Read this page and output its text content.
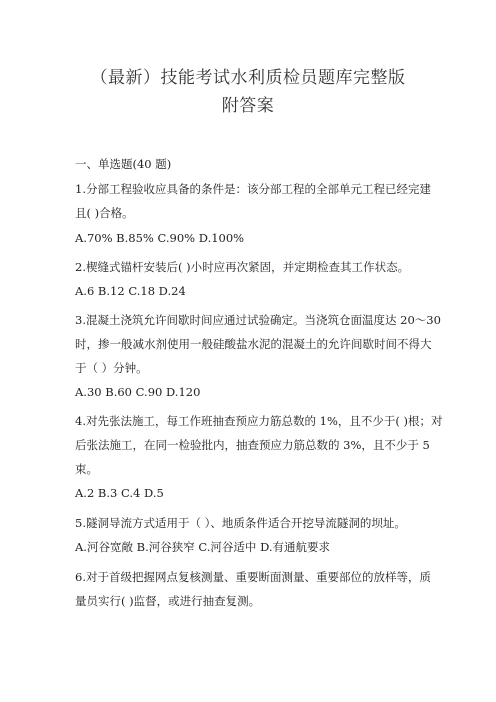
（最新）技能考试水利质检员题库完整版
附答案
一、单选题(40 题)
1.分部工程验收应具备的条件是：该分部工程的全部单元工程已经完建
且( )合格。
A.70% B.85% C.90% D.100%
2.楔缝式锚杆安装后( )小时应再次紧固，并定期检查其工作状态。
A.6 B.12 C.18 D.24
3.混凝土浇筑允许间歇时间应通过试验确定。当浇筑仓面温度达 20～30
时，掺一般减水剂使用一般硅酸盐水泥的混凝土的允许间歇时间不得大
于（ ）分钟。
A.30 B.60 C.90 D.120
4.对先张法施工，每工作班抽查预应力筋总数的 1%，且不少于( )根；对
后张法施工，在同一检验批内，抽查预应力筋总数的 3%，且不少于 5
束。
A.2 B.3 C.4 D.5
5.隧洞导流方式适用于（ ）、地质条件适合开挖导流隧洞的坝址。
A.河谷宽敞 B.河谷狭窄 C.河谷适中 D.有通航要求
6.对于首级把握网点复核测量、重要断面测量、重要部位的放样等，质
量员实行( )监督，或进行抽查复测。
